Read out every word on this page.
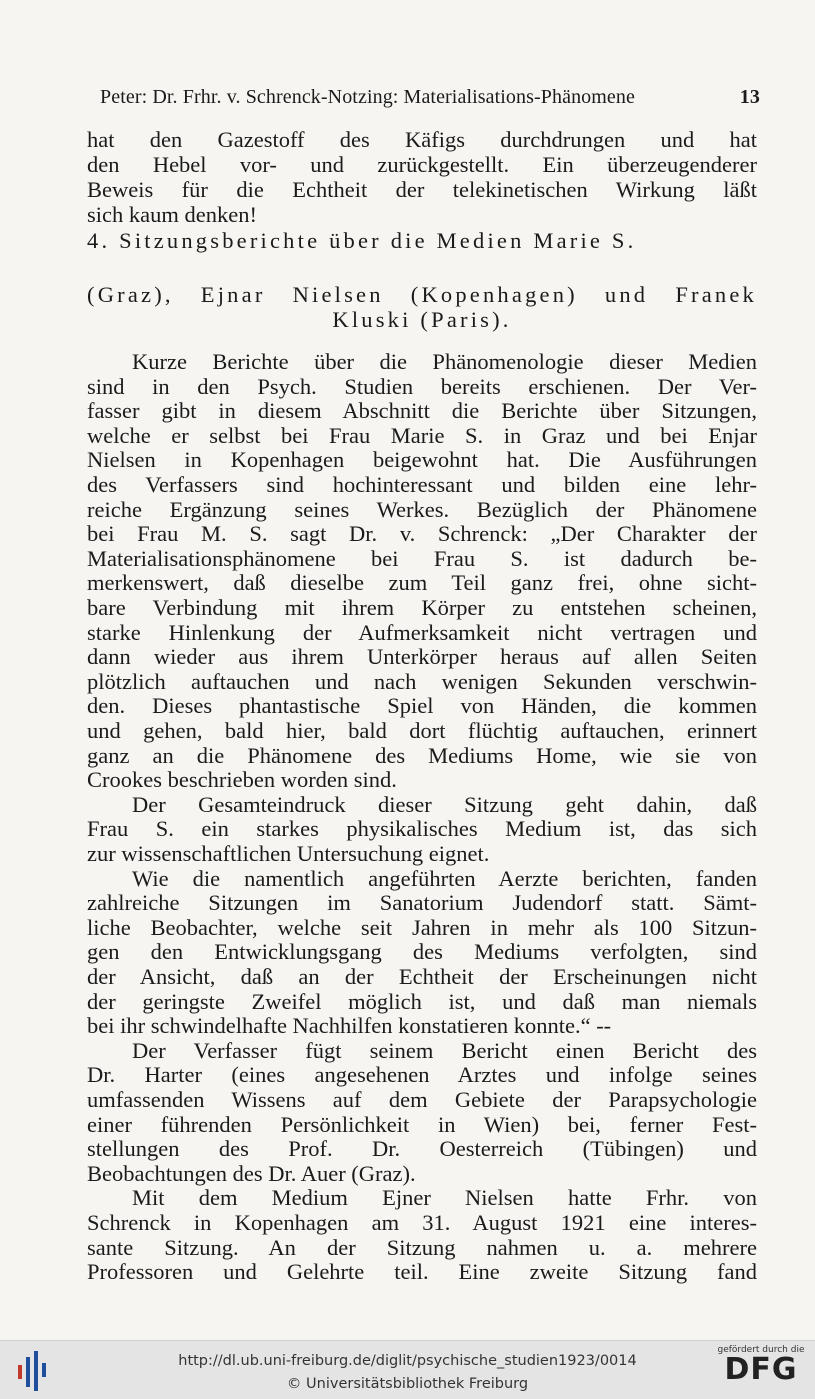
Peter: Dr. Frhr. v. Schrenck-Notzing: Materialisations-Phänomene	13
hat den Gazestoff des Käfigs durchdrungen und hat
den Hebel vor- und zurückgestellt. Ein überzeugenderer
Beweis für die Echtheit der telekinetischen Wirkung läßt
sich kaum denken!
4. Sitzungsberichte über die Medien Marie S.
(Graz), Ejnar Nielsen (Kopenhagen) und Franek
Kluski (Paris).
Kurze Berichte über die Phänomenologie dieser Medien
sind in den Psych. Studien bereits erschienen. Der Ver-
fasser gibt in diesem Abschnitt die Berichte über Sitzungen,
welche er selbst bei Frau Marie S. in Graz und bei Enjar
Nielsen in Kopenhagen beigewohnt hat. Die Ausführungen
des Verfassers sind hochinteressant und bilden eine lehr-
reiche Ergänzung seines Werkes. Bezüglich der Phänomene
bei Frau M. S. sagt Dr. v. Schrenck: „Der Charakter der
Materialisationsphänomene bei Frau S. ist dadurch be-
merkenswert, daß dieselbe zum Teil ganz frei, ohne sicht-
bare Verbindung mit ihrem Körper zu entstehen scheinen,
starke Hinlenkung der Aufmerksamkeit nicht vertragen und
dann wieder aus ihrem Unterkörper heraus auf allen Seiten
plötzlich auftauchen und nach wenigen Sekunden verschwin-
den. Dieses phantastische Spiel von Händen, die kommen
und gehen, bald hier, bald dort flüchtig auftauchen, erinnert
ganz an die Phänomene des Mediums Home, wie sie von
Crookes beschrieben worden sind.
Der Gesamteindruck dieser Sitzung geht dahin, daß
Frau S. ein starkes physikalisches Medium ist, das sich
zur wissenschaftlichen Untersuchung eignet.
Wie die namentlich angeführten Aerzte berichten, fanden
zahlreiche Sitzungen im Sanatorium Judendorf statt. Sämt-
liche Beobachter, welche seit Jahren in mehr als 100 Sitzun-
gen den Entwicklungsgang des Mediums verfolgten, sind
der Ansicht, daß an der Echtheit der Erscheinungen nicht
der geringste Zweifel möglich ist, und daß man niemals
bei ihr schwindelhafte Nachhilfen konstatieren konnte.“ --
Der Verfasser fügt seinem Bericht einen Bericht des
Dr. Harter (eines angesehenen Arztes und infolge seines
umfassenden Wissens auf dem Gebiete der Parapsychologie
einer führenden Persönlichkeit in Wien) bei, ferner Fest-
stellungen des Prof. Dr. Oesterreich (Tübingen) und
Beobachtungen des Dr. Auer (Graz).
Mit dem Medium Ejner Nielsen hatte Frhr. von
Schrenck in Kopenhagen am 31. August 1921 eine interes-
sante Sitzung. An der Sitzung nahmen u. a. mehrere
Professoren und Gelehrte teil. Eine zweite Sitzung fand
http://dl.ub.uni-freiburg.de/diglit/psychische_studien1923/0014
© Universitätsbibliothek Freiburg
gefördert durch die
DFG
